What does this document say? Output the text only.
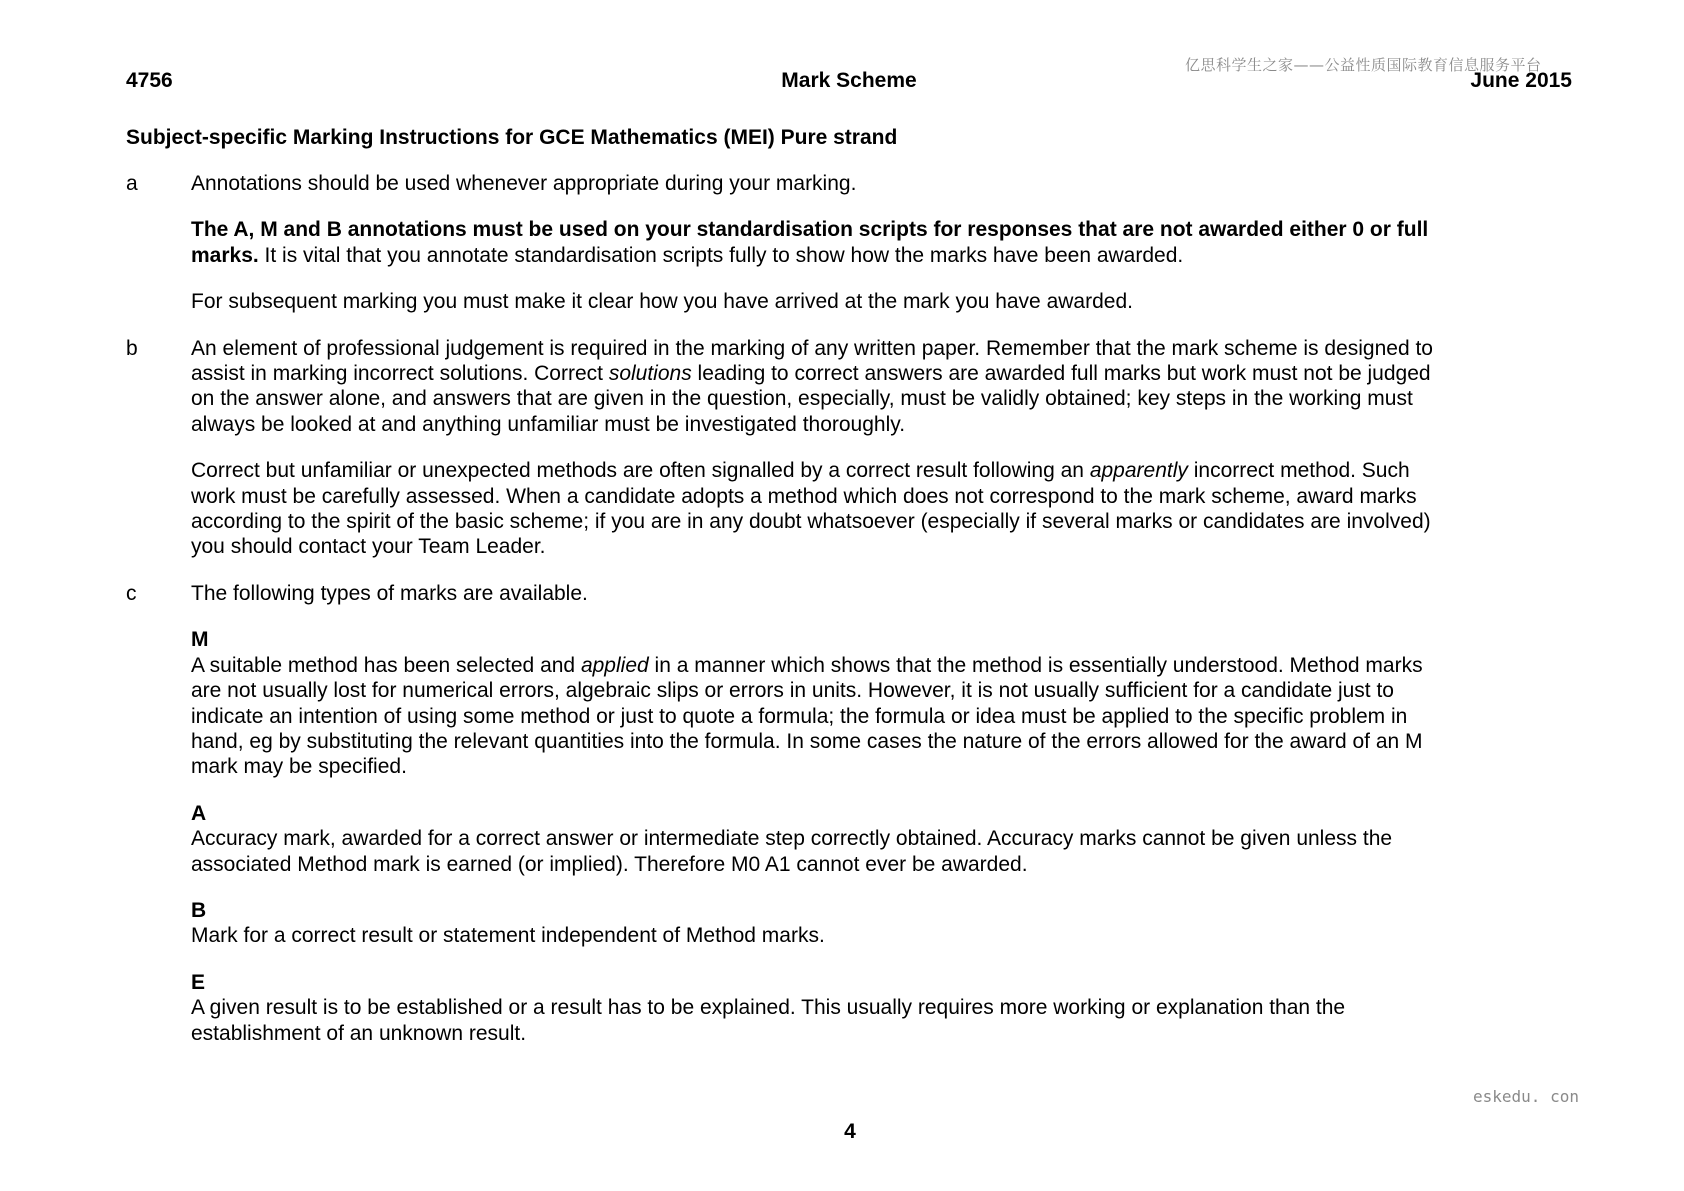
亿思科学生之家——公益性质国际教育信息服务平台
4756	Mark Scheme	June 2015
Subject-specific Marking Instructions for GCE Mathematics (MEI) Pure strand
a	Annotations should be used whenever appropriate during your marking.

The A, M and B annotations must be used on your standardisation scripts for responses that are not awarded either 0 or full marks. It is vital that you annotate standardisation scripts fully to show how the marks have been awarded.

For subsequent marking you must make it clear how you have arrived at the mark you have awarded.

b	An element of professional judgement is required in the marking of any written paper. Remember that the mark scheme is designed to assist in marking incorrect solutions. Correct solutions leading to correct answers are awarded full marks but work must not be judged on the answer alone, and answers that are given in the question, especially, must be validly obtained; key steps in the working must always be looked at and anything unfamiliar must be investigated thoroughly.

Correct but unfamiliar or unexpected methods are often signalled by a correct result following an apparently incorrect method. Such work must be carefully assessed. When a candidate adopts a method which does not correspond to the mark scheme, award marks according to the spirit of the basic scheme; if you are in any doubt whatsoever (especially if several marks or candidates are involved) you should contact your Team Leader.

c	The following types of marks are available.

M
A suitable method has been selected and applied in a manner which shows that the method is essentially understood. Method marks are not usually lost for numerical errors, algebraic slips or errors in units. However, it is not usually sufficient for a candidate just to indicate an intention of using some method or just to quote a formula; the formula or idea must be applied to the specific problem in hand, eg by substituting the relevant quantities into the formula. In some cases the nature of the errors allowed for the award of an M mark may be specified.
A
Accuracy mark, awarded for a correct answer or intermediate step correctly obtained. Accuracy marks cannot be given unless the associated Method mark is earned (or implied). Therefore M0 A1 cannot ever be awarded.
B
Mark for a correct result or statement independent of Method marks.
E
A given result is to be established or a result has to be explained. This usually requires more working or explanation than the establishment of an unknown result.
eskedu. con
4
